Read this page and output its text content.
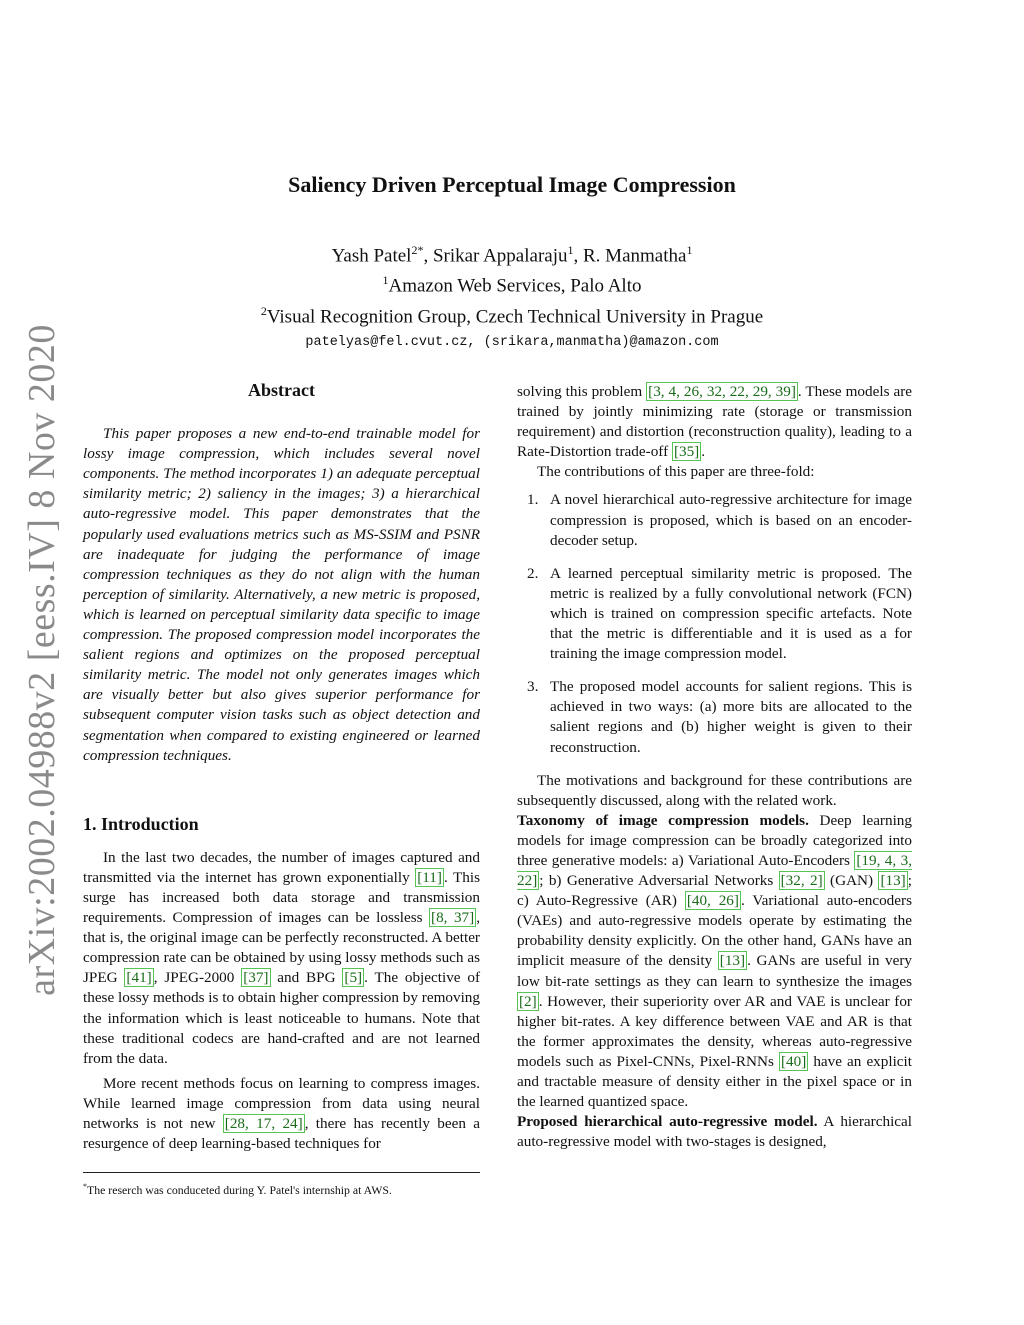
arXiv:2002.04988v2 [eess.IV] 8 Nov 2020
Saliency Driven Perceptual Image Compression
Yash Patel$^{2*}$, Srikar Appalaraju$^1$, R. Manmatha$^1$
$^1$Amazon Web Services, Palo Alto
$^2$Visual Recognition Group, Czech Technical University in Prague
patelyas@fel.cvut.cz, (srikara,manmatha)@amazon.com
Abstract

This paper proposes a new end-to-end trainable model for lossy image compression, which includes several novel components. The method incorporates 1) an adequate perceptual similarity metric; 2) saliency in the images; 3) a hierarchical auto-regressive model. This paper demonstrates that the popularly used evaluations metrics such as MS-SSIM and PSNR are inadequate for judging the performance of image compression techniques as they do not align with the human perception of similarity. Alternatively, a new metric is proposed, which is learned on perceptual similarity data specific to image compression. The proposed compression model incorporates the salient regions and optimizes on the proposed perceptual similarity metric. The model not only generates images which are visually better but also gives superior performance for subsequent computer vision tasks such as object detection and segmentation when compared to existing engineered or learned compression techniques.

1. Introduction

In the last two decades, the number of images captured and transmitted via the internet has grown exponentially [11] . This surge has increased both data storage and transmission requirements. Compression of images can be lossless [8, 37] , that is, the original image can be perfectly reconstructed. A better compression rate can be obtained by using lossy methods such as JPEG [41] , JPEG-2000 [37] and BPG [5] . The objective of these lossy methods is to obtain higher compression by removing the information which is least noticeable to humans. Note that these traditional codecs are hand-crafted and are not learned from the data.

More recent methods focus on learning to compress images. While learned image compression from data using neural networks is not new [28, 17, 24] , there has recently been a resurgence of deep learning-based techniques for

*The reserch was conduceted during Y. Patel's internship at AWS.

solving this problem [3, 4, 26, 32, 22, 29, 39] . These models are trained by jointly minimizing rate (storage or transmission requirement) and distortion (reconstruction quality), leading to a Rate-Distortion trade-off [35] .

The contributions of this paper are three-fold:

1. A novel hierarchical auto-regressive architecture for image compression is proposed, which is based on an encoder-decoder setup.
2. A learned perceptual similarity metric is proposed. The metric is realized by a fully convolutional network (FCN) which is trained on compression specific artefacts. Note that the metric is differentiable and it is used as a for training the image compression model.
3. The proposed model accounts for salient regions. This is achieved in two ways: (a) more bits are allocated to the salient regions and (b) higher weight is given to their reconstruction.

The motivations and background for these contributions are subsequently discussed, along with the related work.

Taxonomy of image compression models. Deep learning models for image compression can be broadly categorized into three generative models: a) Variational Auto-Encoders [19, 4, 3, 22] ; b) Generative Adversarial Networks [32, 2] (GAN) [13] ; c) Auto-Regressive (AR) [40, 26] . Variational auto-encoders (VAEs) and auto-regressive models operate by estimating the probability density explicitly. On the other hand, GANs have an implicit measure of the density [13] . GANs are useful in very low bit-rate settings as they can learn to synthesize the images [2] . However, their superiority over AR and VAE is unclear for higher bit-rates. A key difference between VAE and AR is that the former approximates the density, whereas auto-regressive models such as Pixel-CNNs, Pixel-RNNs [40] have an explicit and tractable measure of density either in the pixel space or in the learned quantized space.

Proposed hierarchical auto-regressive model. A hierarchical auto-regressive model with two-stages is designed,
